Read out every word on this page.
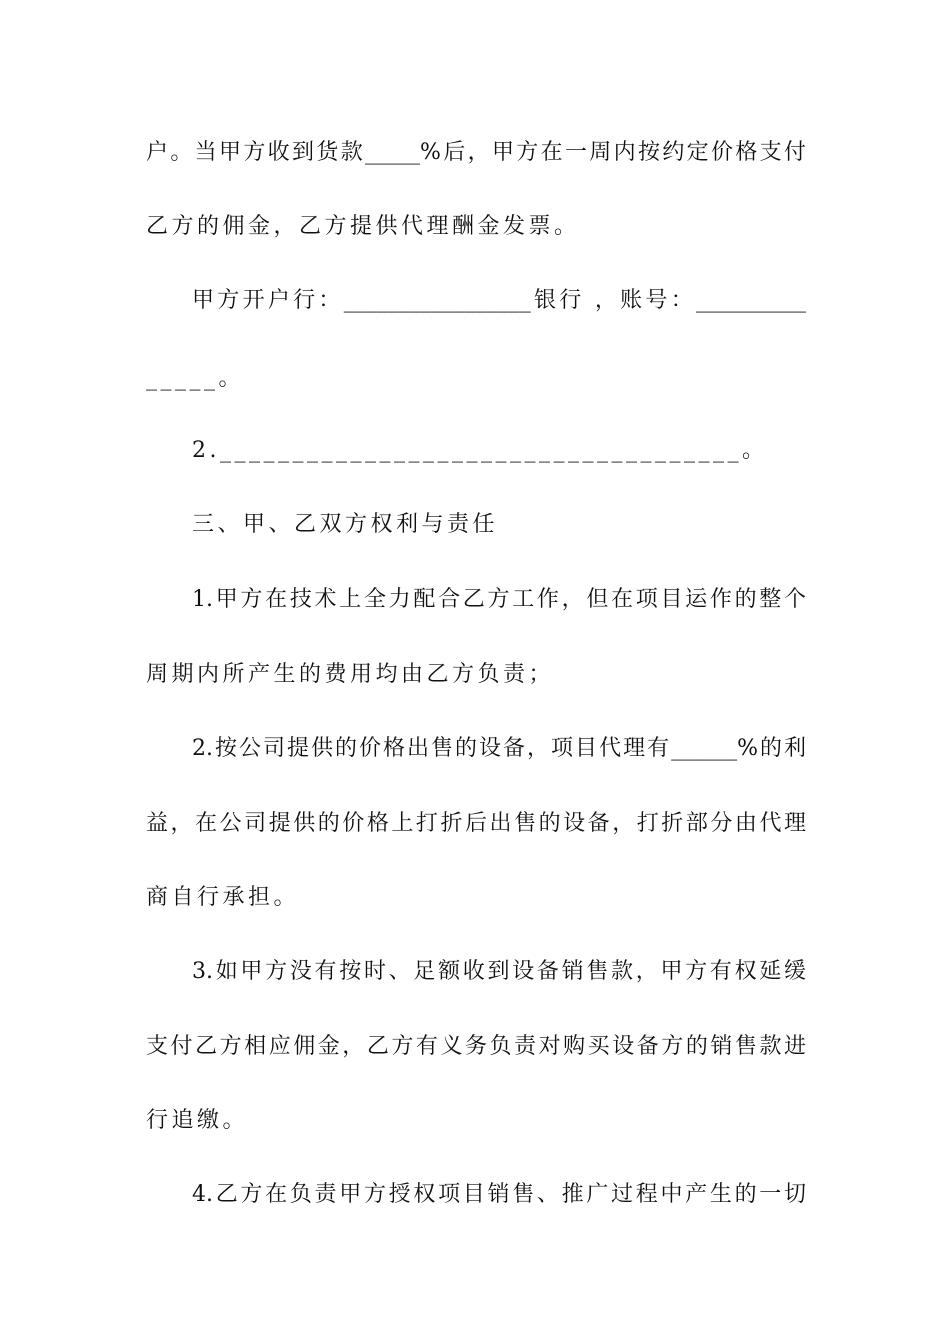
户。当甲方收到货款_____%后，甲方在一周内按约定价格支付
乙方的佣金，乙方提供代理酬金发票。
甲方开户行：_________________银行 ，账号：__________
_____。
2.____________________________________。
三、甲、乙双方权利与责任
1.甲方在技术上全力配合乙方工作，但在项目运作的整个
周期内所产生的费用均由乙方负责；
2.按公司提供的价格出售的设备，项目代理有______%的利
益，在公司提供的价格上打折后出售的设备，打折部分由代理
商自行承担。
3.如甲方没有按时、足额收到设备销售款，甲方有权延缓
支付乙方相应佣金，乙方有义务负责对购买设备方的销售款进
行追缴。
4.乙方在负责甲方授权项目销售、推广过程中产生的一切
